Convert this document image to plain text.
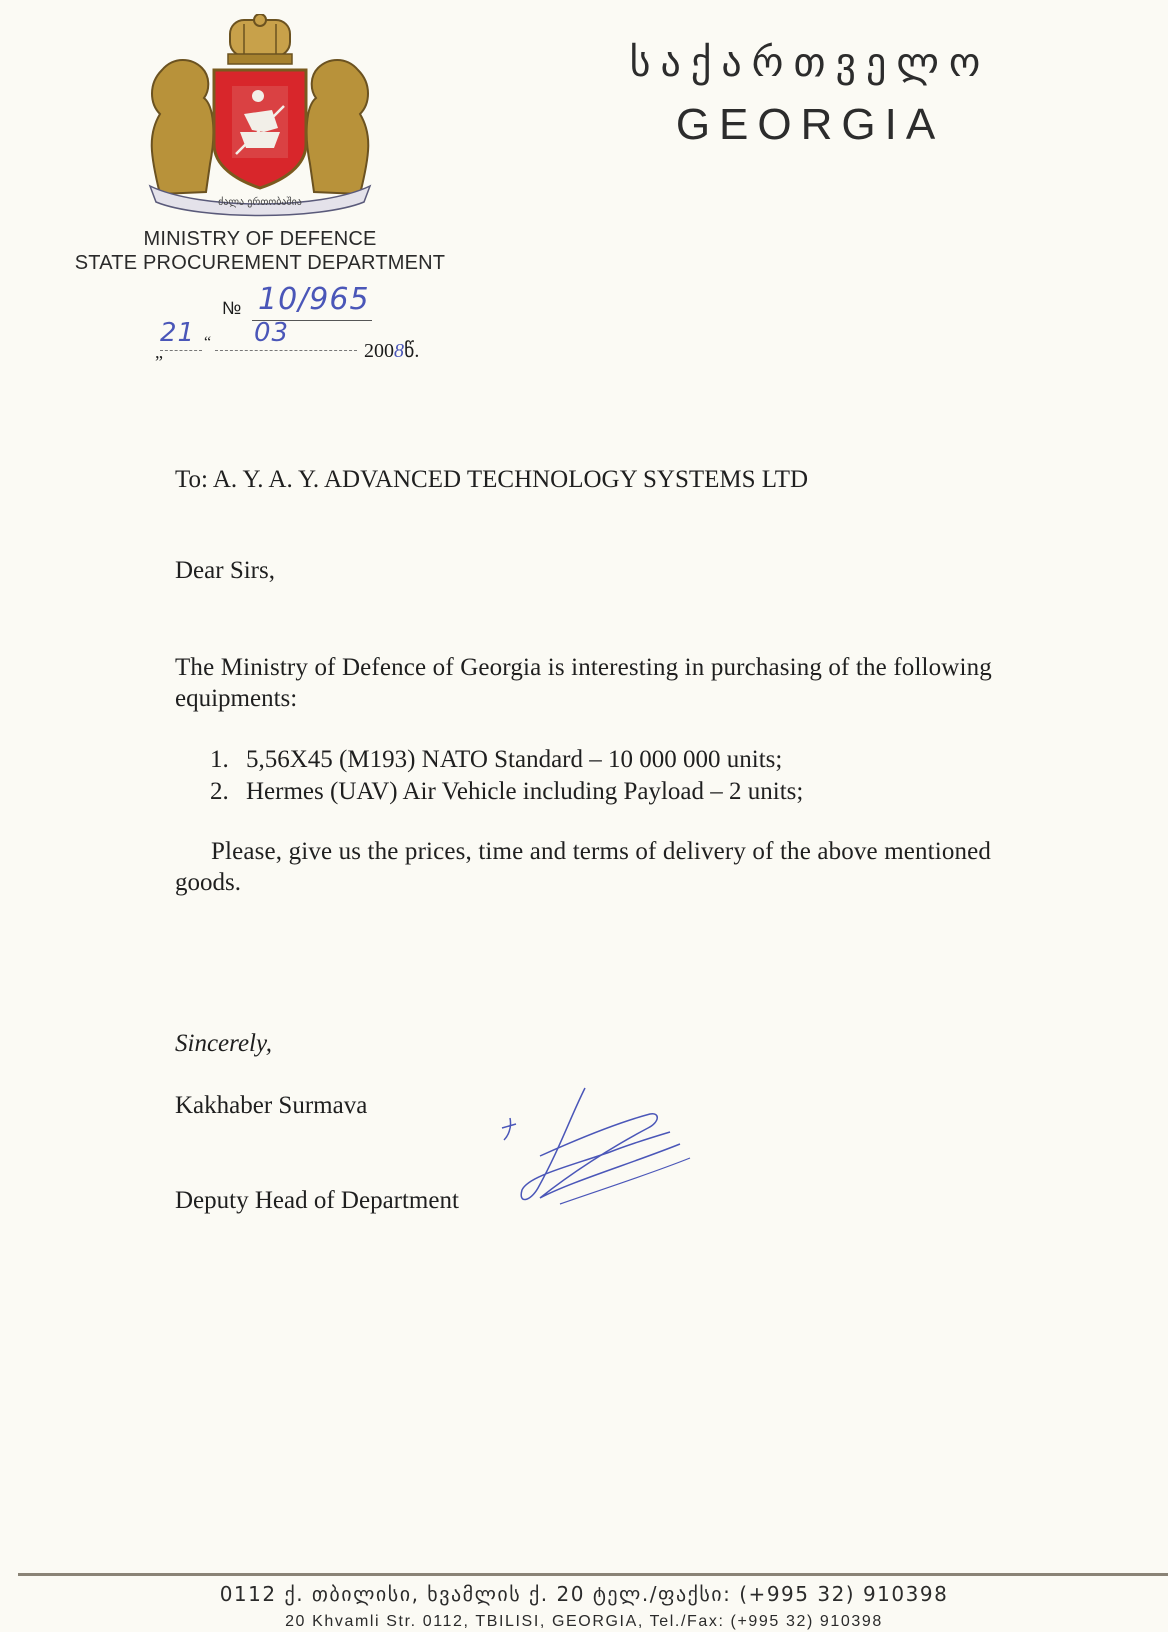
ძალა ერთობაშია
MINISTRY OF DEFENCE
STATE PROCUREMENT DEPARTMENT
საქართველო
GEORGIA
№ 10/965
„
21 “ 03
2008წ.
To: A. Y. A. Y. ADVANCED TECHNOLOGY SYSTEMS LTD
Dear Sirs,
The Ministry of Defence of Georgia is interesting in purchasing of the following
equipments:
1. 5,56X45 (M193) NATO Standard – 10 000 000 units;
2. Hermes (UAV) Air Vehicle including Payload – 2 units;
Please, give us the prices, time and terms of delivery of the above mentioned
goods.
Sincerely,
Kakhaber Surmava
Deputy Head of Department
0112 ქ. თბილისი, ხვამლის ქ. 20 ტელ./ფაქსი: (+995 32) 910398
20 Khvamli Str. 0112, TBILISI, GEORGIA, Tel./Fax: (+995 32) 910398
